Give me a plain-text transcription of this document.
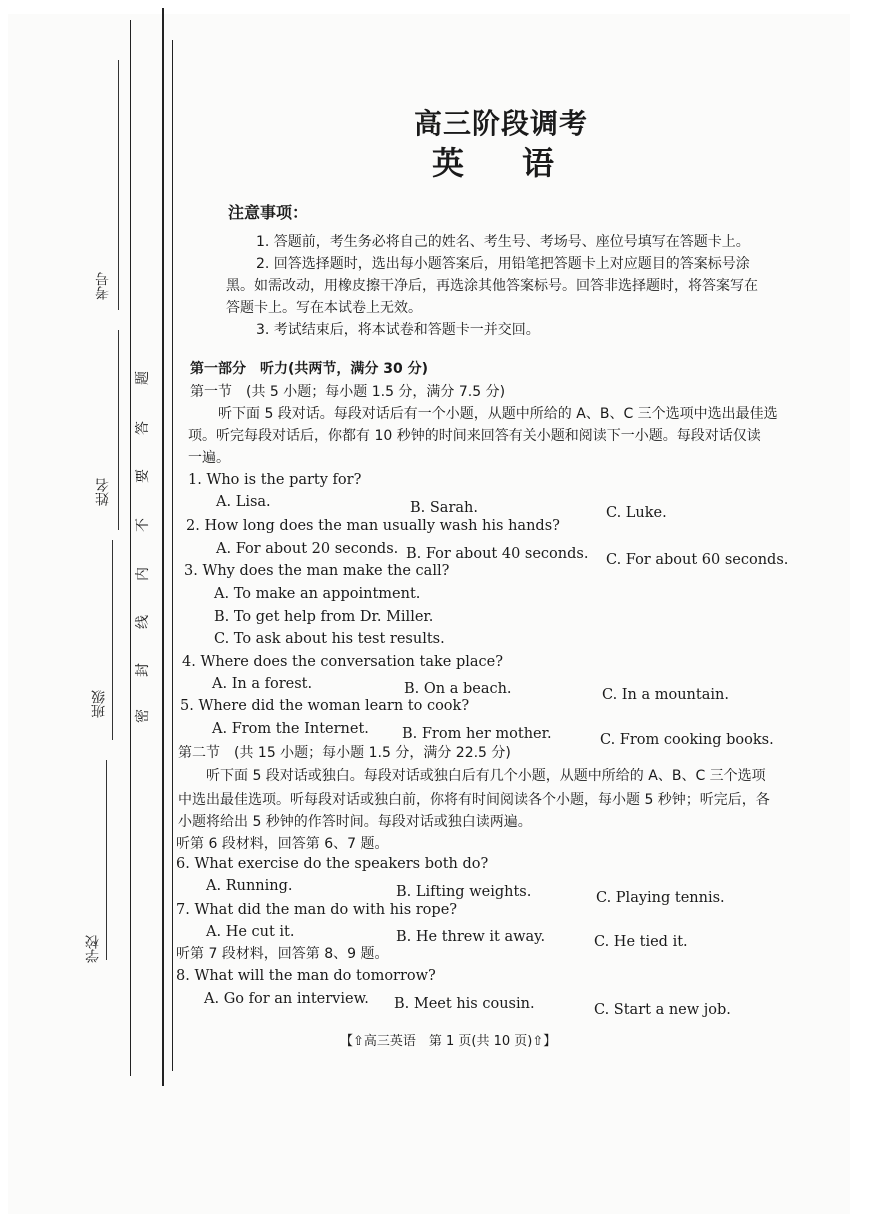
考号
姓名
班级
学校
题
答
要
不
内
线
封
密
高三阶段调考
英语
注意事项：
1. 答题前，考生务必将自己的姓名、考生号、考场号、座位号填写在答题卡上。
2. 回答选择题时，选出每小题答案后，用铅笔把答题卡上对应题目的答案标号涂
黑。如需改动，用橡皮擦干净后，再选涂其他答案标号。回答非选择题时，将答案写在
答题卡上。写在本试卷上无效。
3. 考试结束后，将本试卷和答题卡一并交回。
第一部分　听力(共两节，满分 30 分)
第一节　(共 5 小题；每小题 1.5 分，满分 7.5 分)
听下面 5 段对话。每段对话后有一个小题，从题中所给的 A、B、C 三个选项中选出最佳选
项。听完每段对话后，你都有 10 秒钟的时间来回答有关小题和阅读下一小题。每段对话仅读
一遍。
1. Who is the party for?
A. Lisa.	B. Sarah.	C. Luke.
2. How long does the man usually wash his hands?
A. For about 20 seconds. B. For about 40 seconds. C. For about 60 seconds.
3. Why does the man make the call?
A. To make an appointment.
B. To get help from Dr. Miller.
C. To ask about his test results.
4. Where does the conversation take place?
A. In a forest.	B. On a beach.	C. In a mountain.
5. Where did the woman learn to cook?
A. From the Internet. B. From her mother.	C. From cooking books.
第二节　(共 15 小题；每小题 1.5 分，满分 22.5 分)
听下面 5 段对话或独白。每段对话或独白后有几个小题，从题中所给的 A、B、C 三个选项
中选出最佳选项。听每段对话或独白前，你将有时间阅读各个小题，每小题 5 秒钟；听完后，各
小题将给出 5 秒钟的作答时间。每段对话或独白读两遍。
听第 6 段材料，回答第 6、7 题。
6. What exercise do the speakers both do?
A. Running.	B. Lifting weights.	C. Playing tennis.
7. What did the man do with his rope?
A. He cut it.	B. He threw it away.	C. He tied it.
听第 7 段材料，回答第 8、9 题。
8. What will the man do tomorrow?
A. Go for an interview. B. Meet his cousin.	C. Start a new job.
【⇧高三英语　第 1 页(共 10 页)⇧】
